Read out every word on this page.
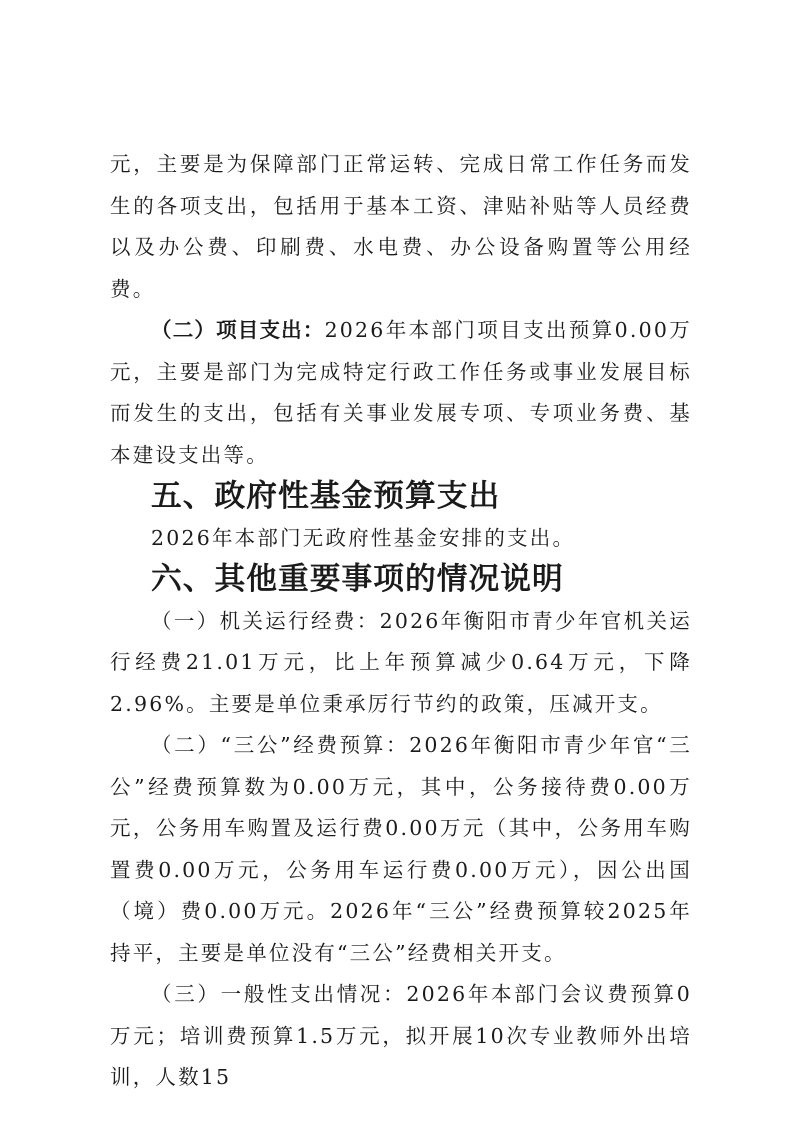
元，主要是为保障部门正常运转、完成日常工作任务而发生的各项支出，包括用于基本工资、津贴补贴等人员经费以及办公费、印刷费、水电费、办公设备购置等公用经费。

（二）项目支出：2026年本部门项目支出预算0.00万元，主要是部门为完成特定行政工作任务或事业发展目标而发生的支出，包括有关事业发展专项、专项业务费、基本建设支出等。

五、政府性基金预算支出

2026年本部门无政府性基金安排的支出。

六、其他重要事项的情况说明

（一）机关运行经费：2026年衡阳市青少年官机关运行经费21.01万元，比上年预算减少0.64万元，下降2.96%。主要是单位秉承厉行节约的政策，压减开支。

（二）“三公”经费预算：2026年衡阳市青少年官“三公”经费预算数为0.00万元，其中，公务接待费0.00万元，公务用车购置及运行费0.00万元（其中，公务用车购置费0.00万元，公务用车运行费0.00万元），因公出国（境）费0.00万元。2026年“三公”经费预算较2025年持平，主要是单位没有“三公”经费相关开支。

（三）一般性支出情况：2026年本部门会议费预算0万元；培训费预算1.5万元，拟开展10次专业教师外出培训，人数15
